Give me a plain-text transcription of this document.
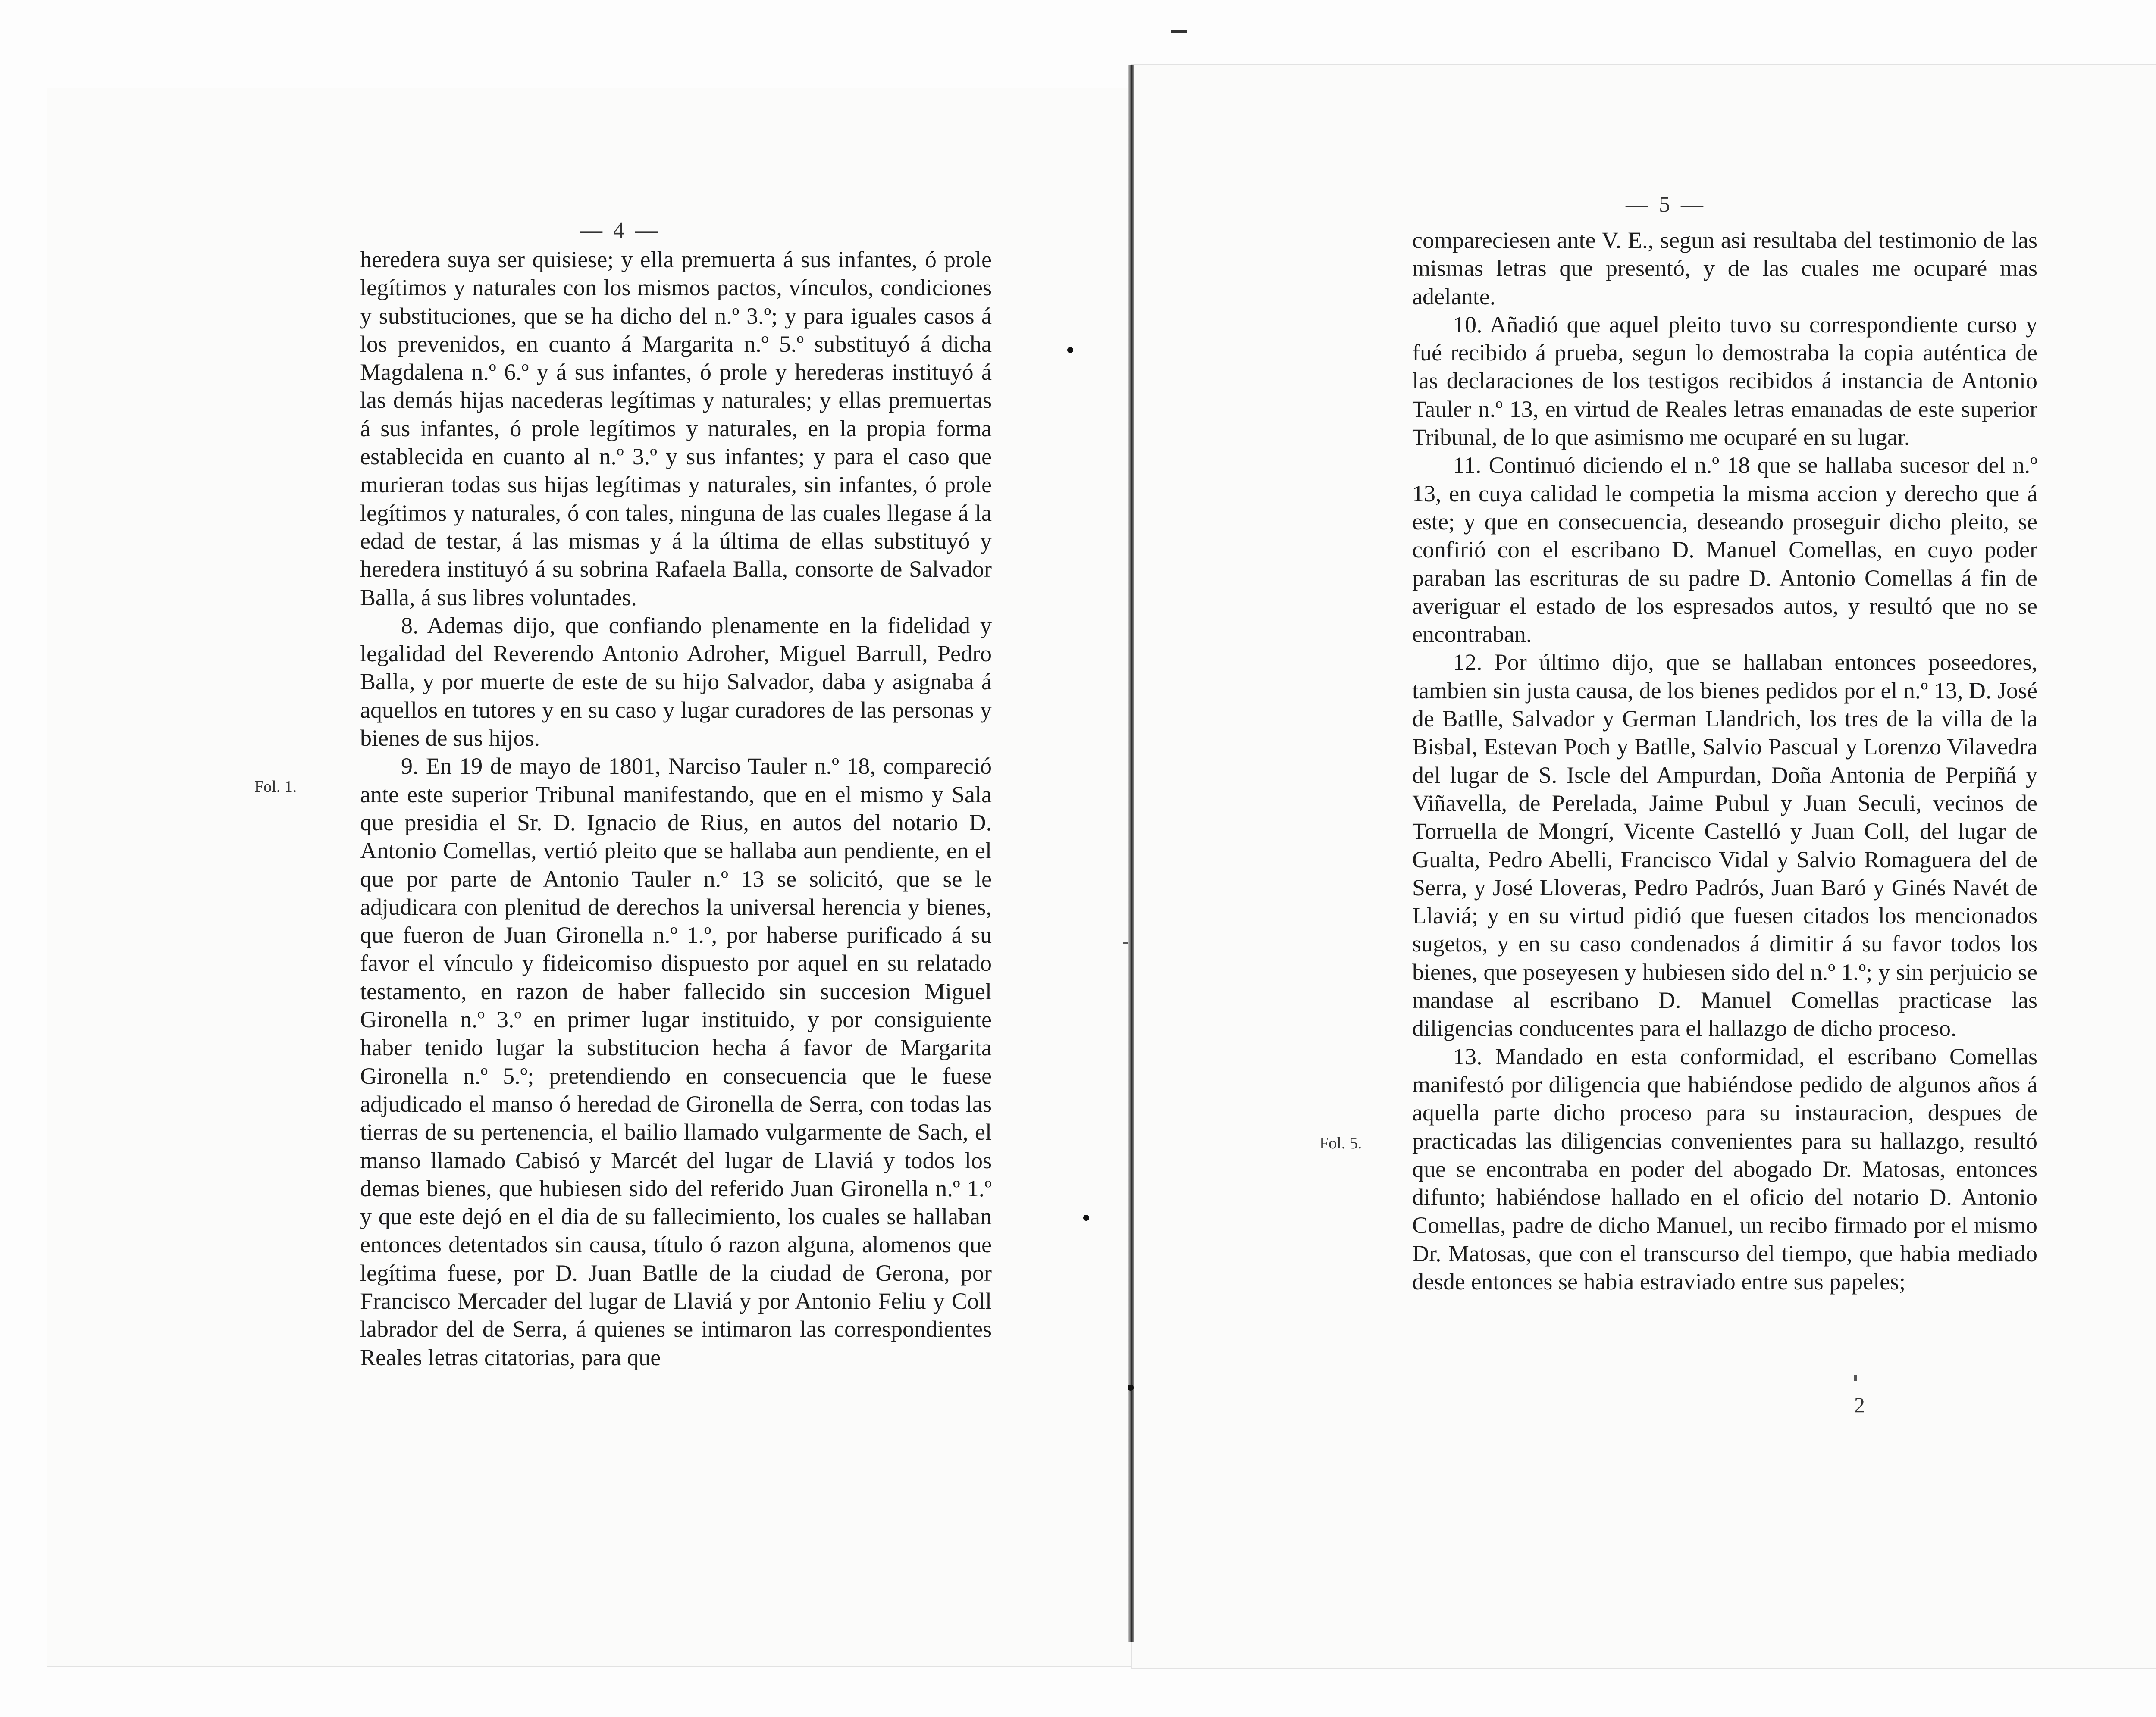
— 4 —
Fol. 1.

heredera suya ser quisiese; y ella premuerta á sus infantes, ó prole legítimos y naturales con los mismos pactos, vínculos, condiciones y substituciones, que se ha dicho del n.º 3.º; y para iguales casos á los prevenidos, en cuanto á Margarita n.º 5.º substituyó á dicha Magdalena n.º 6.º y á sus infantes, ó prole y herederas instituyó á las demás hijas nacederas legítimas y naturales; y ellas premuertas á sus infantes, ó prole legítimos y naturales, en la propia forma establecida en cuanto al n.º 3.º y sus infantes; y para el caso que murieran todas sus hijas legítimas y naturales, sin infantes, ó prole legítimos y naturales, ó con tales, ninguna de las cuales llegase á la edad de testar, á las mismas y á la última de ellas substituyó y heredera instituyó á su sobrina Rafaela Balla, consorte de Salvador Balla, á sus libres voluntades.

8. Ademas dijo, que confiando plenamente en la fidelidad y legalidad del Reverendo Antonio Adroher, Miguel Barrull, Pedro Balla, y por muerte de este de su hijo Salvador, daba y asignaba á aquellos en tutores y en su caso y lugar curadores de las personas y bienes de sus hijos.

9. En 19 de mayo de 1801, Narciso Tauler n.º 18, compareció ante este superior Tribunal manifestando, que en el mismo y Sala que presidia el Sr. D. Ignacio de Rius, en autos del notario D. Antonio Comellas, vertió pleito que se hallaba aun pendiente, en el que por parte de Antonio Tauler n.º 13 se solicitó, que se le adjudicara con plenitud de derechos la universal herencia y bienes, que fueron de Juan Gironella n.º 1.º, por haberse purificado á su favor el vínculo y fideicomiso dispuesto por aquel en su relatado testamento, en razon de haber fallecido sin succesion Miguel Gironella n.º 3.º en primer lugar instituido, y por consiguiente haber tenido lugar la substitucion hecha á favor de Margarita Gironella n.º 5.º; pretendiendo en consecuencia que le fuese adjudicado el manso ó heredad de Gironella de Serra, con todas las tierras de su pertenencia, el bailio llamado vulgarmente de Sach, el manso llamado Cabisó y Marcét del lugar de Llaviá y todos los demas bienes, que hubiesen sido del referido Juan Gironella n.º 1.º y que este dejó en el dia de su fallecimiento, los cuales se hallaban entonces detentados sin causa, título ó razon alguna, alomenos que legítima fuese, por D. Juan Batlle de la ciudad de Gerona, por Francisco Mercader del lugar de Llaviá y por Antonio Feliu y Coll labrador del de Serra, á quienes se intimaron las correspondientes Reales letras citatorias, para que

— 5 —
Fol. 5.

compareciesen ante V. E., segun asi resultaba del testimonio de las mismas letras que presentó, y de las cuales me ocuparé mas adelante.

10. Añadió que aquel pleito tuvo su correspondiente curso y fué recibido á prueba, segun lo demostraba la copia auténtica de las declaraciones de los testigos recibidos á instancia de Antonio Tauler n.º 13, en virtud de Reales letras emanadas de este superior Tribunal, de lo que asimismo me ocuparé en su lugar.

11. Continuó diciendo el n.º 18 que se hallaba sucesor del n.º 13, en cuya calidad le competia la misma accion y derecho que á este; y que en consecuencia, deseando proseguir dicho pleito, se confirió con el escribano D. Manuel Comellas, en cuyo poder paraban las escrituras de su padre D. Antonio Comellas á fin de averiguar el estado de los espresados autos, y resultó que no se encontraban.

12. Por último dijo, que se hallaban entonces poseedores, tambien sin justa causa, de los bienes pedidos por el n.º 13, D. José de Batlle, Salvador y German Llandrich, los tres de la villa de la Bisbal, Estevan Poch y Batlle, Salvio Pascual y Lorenzo Vilavedra del lugar de S. Iscle del Ampurdan, Doña Antonia de Perpiñá y Viñavella, de Perelada, Jaime Pubul y Juan Seculi, vecinos de Torruella de Mongrí, Vicente Castelló y Juan Coll, del lugar de Gualta, Pedro Abelli, Francisco Vidal y Salvio Romaguera del de Serra, y José Lloveras, Pedro Padrós, Juan Baró y Ginés Navét de Llaviá; y en su virtud pidió que fuesen citados los mencionados sugetos, y en su caso condenados á dimitir á su favor todos los bienes, que poseyesen y hubiesen sido del n.º 1.º; y sin perjuicio se mandase al escribano D. Manuel Comellas practicase las diligencias conducentes para el hallazgo de dicho proceso.

13. Mandado en esta conformidad, el escribano Comellas manifestó por diligencia que habiéndose pedido de algunos años á aquella parte dicho proceso para su instauracion, despues de practicadas las diligencias convenientes para su hallazgo, resultó que se encontraba en poder del abogado Dr. Matosas, entonces difunto; habiéndose hallado en el oficio del notario D. Antonio Comellas, padre de dicho Manuel, un recibo firmado por el mismo Dr. Matosas, que con el transcurso del tiempo, que habia mediado desde entonces se habia estraviado entre sus papeles;

2
